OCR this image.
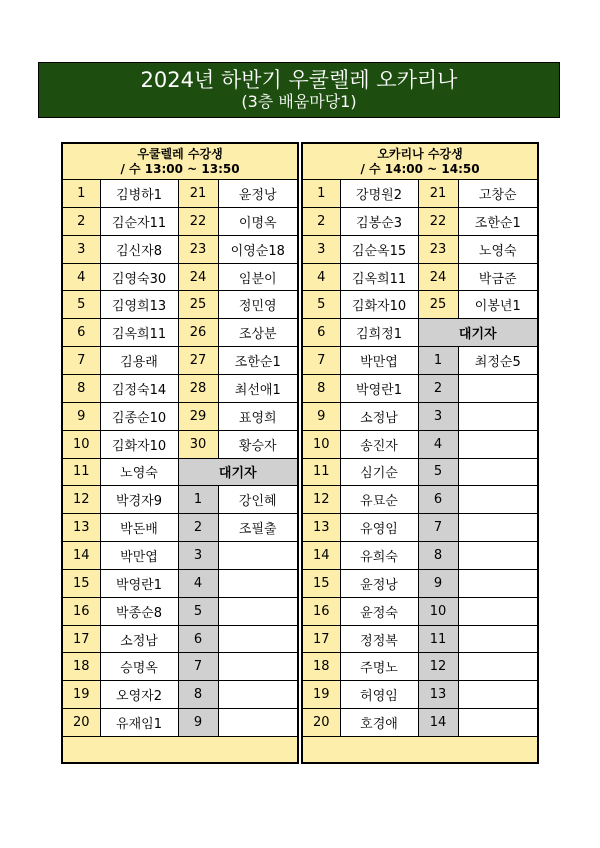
2024년 하반기 우쿨렐레 오카리나
(3층 배움마당1)
우쿨렐레 수강생
/ 수 13:00 ~ 13:50			

1	김병하1	21	윤정낭
2	김순자11	22	이명옥
3	김신자8	23	이영순18
4	김영숙30	24	임분이
5	김영희13	25	정민영
6	김옥희11	26	조상분
7	김용래	27	조한순1
8	김정숙14	28	최선애1
9	김종순10	29	표영희
10	김화자10	30	황승자
11	노영숙	대기자	
12	박경자9	1	강인혜
13	박돈배	2	조필출
14	박만엽	3	
15	박영란1	4	
16	박종순8	5	
17	소정남	6	
18	승명옥	7	
19	오영자2	8	
20	유재임1	9	

오카리나 수강생
/ 수 14:00 ~ 14:50			

1	강명원2	21	고창순
2	김봉순3	22	조한순1
3	김순옥15	23	노영숙
4	김옥희11	24	박금준
5	김화자10	25	이봉년1
6	김희정1	대기자	
7	박만엽	1	최정순5
8	박영란1	2	
9	소정남	3	
10	송진자	4	
11	심기순	5	
12	유묘순	6	
13	유영임	7	
14	유희숙	8	
15	윤정낭	9	
16	윤정숙	10	
17	정정복	11	
18	주명노	12	
19	허영임	13	
20	호경애	14	
